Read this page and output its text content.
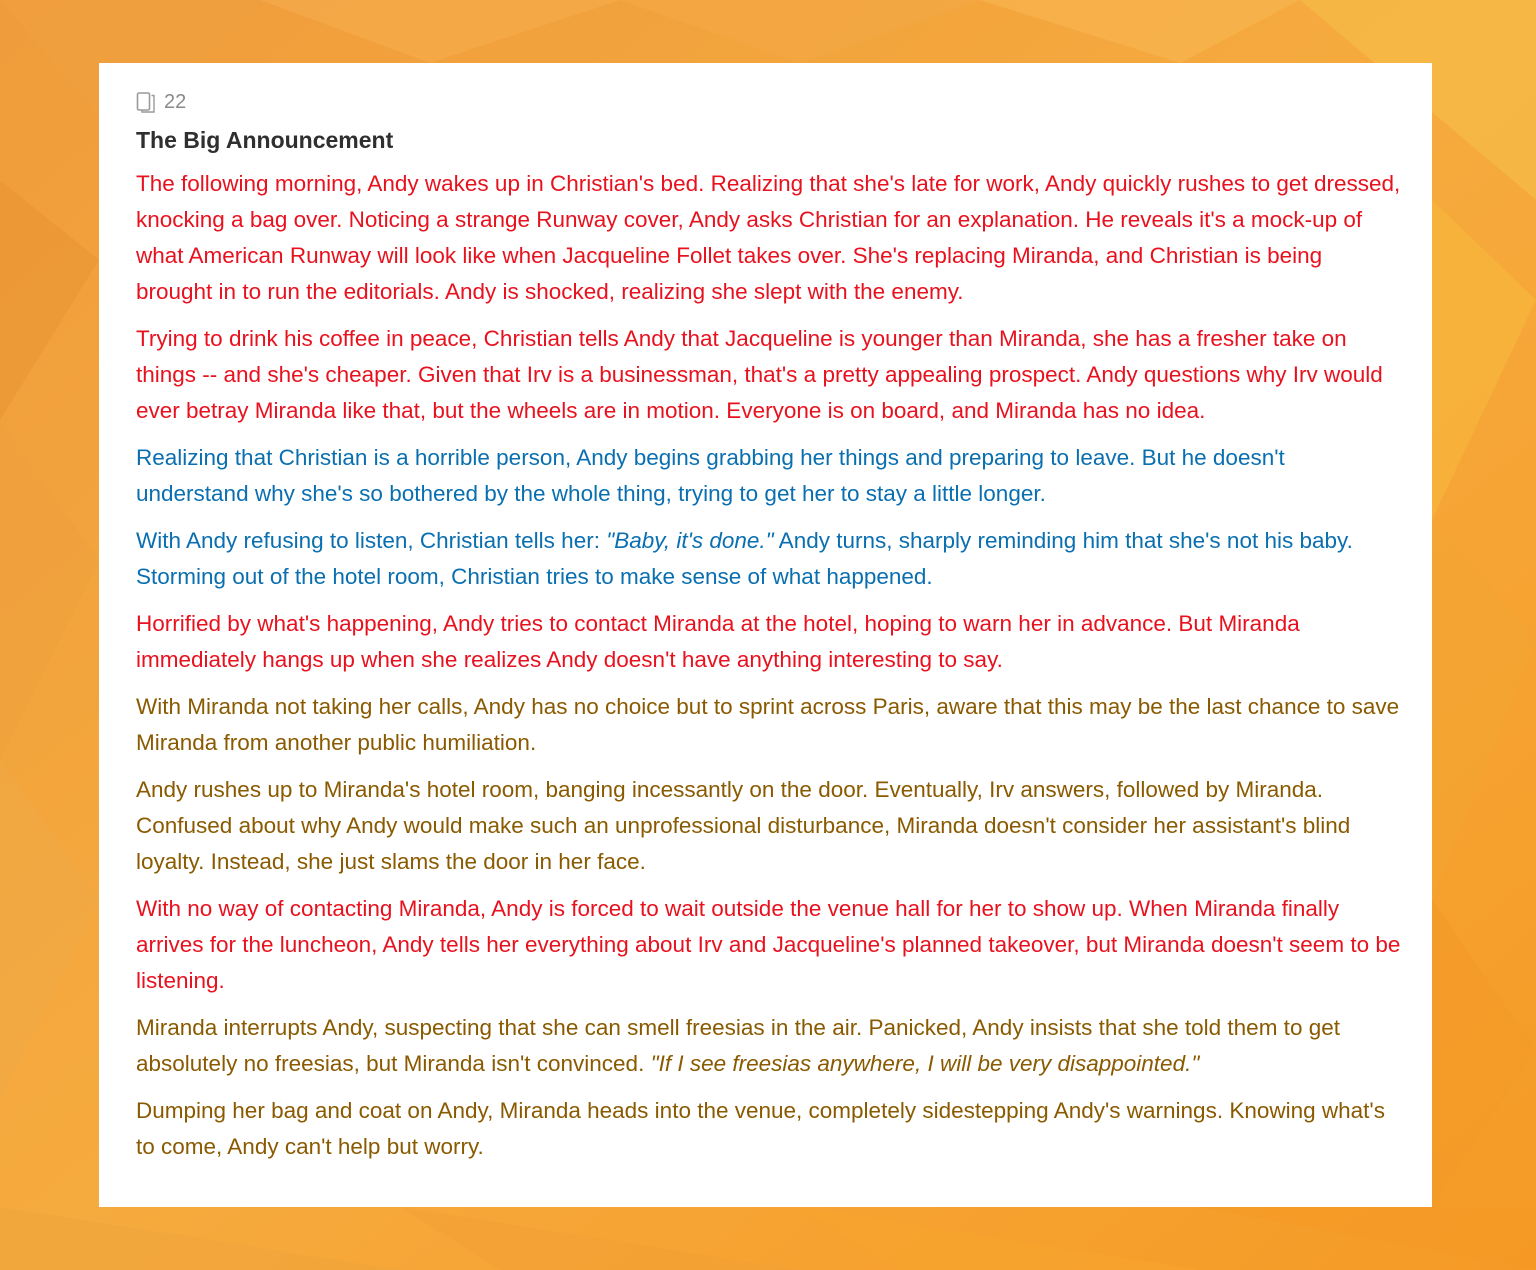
22
The Big Announcement

The following morning, Andy wakes up in Christian's bed. Realizing that she's late for work, Andy quickly rushes to get dressed, knocking a bag over. Noticing a strange Runway cover, Andy asks Christian for an explanation. He reveals it's a mock-up of what American Runway will look like when Jacqueline Follet takes over. She's replacing Miranda, and Christian is being brought in to run the editorials. Andy is shocked, realizing she slept with the enemy.

Trying to drink his coffee in peace, Christian tells Andy that Jacqueline is younger than Miranda, she has a fresher take on things -- and she's cheaper. Given that Irv is a businessman, that's a pretty appealing prospect. Andy questions why Irv would ever betray Miranda like that, but the wheels are in motion. Everyone is on board, and Miranda has no idea.

Realizing that Christian is a horrible person, Andy begins grabbing her things and preparing to leave. But he doesn't understand why she's so bothered by the whole thing, trying to get her to stay a little longer.

With Andy refusing to listen, Christian tells her: "Baby, it's done." Andy turns, sharply reminding him that she's not his baby. Storming out of the hotel room, Christian tries to make sense of what happened.

Horrified by what's happening, Andy tries to contact Miranda at the hotel, hoping to warn her in advance. But Miranda immediately hangs up when she realizes Andy doesn't have anything interesting to say.

With Miranda not taking her calls, Andy has no choice but to sprint across Paris, aware that this may be the last chance to save Miranda from another public humiliation.

Andy rushes up to Miranda's hotel room, banging incessantly on the door. Eventually, Irv answers, followed by Miranda. Confused about why Andy would make such an unprofessional disturbance, Miranda doesn't consider her assistant's blind loyalty. Instead, she just slams the door in her face.

With no way of contacting Miranda, Andy is forced to wait outside the venue hall for her to show up. When Miranda finally arrives for the luncheon, Andy tells her everything about Irv and Jacqueline's planned takeover, but Miranda doesn't seem to be listening.

Miranda interrupts Andy, suspecting that she can smell freesias in the air. Panicked, Andy insists that she told them to get absolutely no freesias, but Miranda isn't convinced. "If I see freesias anywhere, I will be very disappointed."

Dumping her bag and coat on Andy, Miranda heads into the venue, completely sidestepping Andy's warnings. Knowing what's to come, Andy can't help but worry.
